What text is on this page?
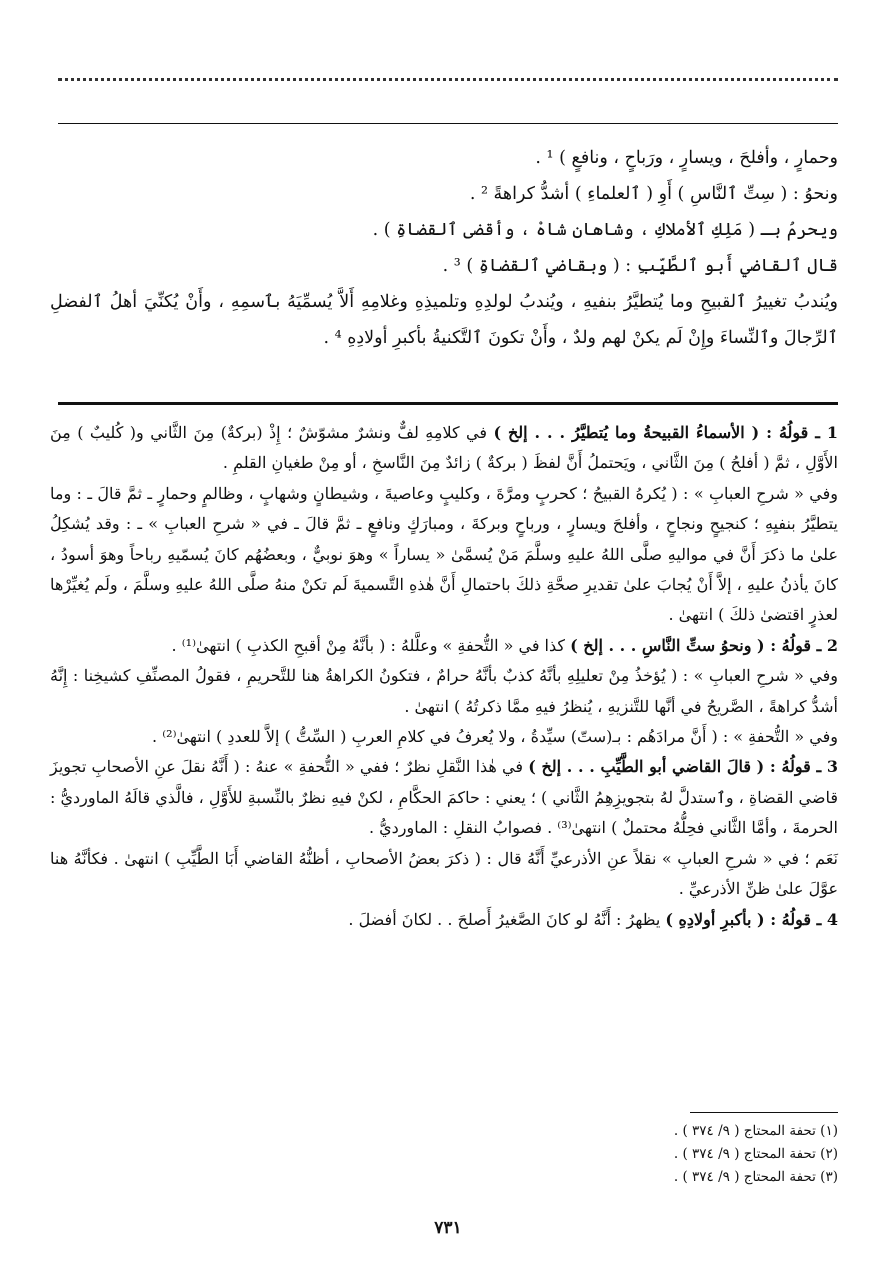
وحمارٍ ، وأفلحَ ، ويسارٍ ، ورَباحٍ ، ونافعٍ ) ¹ .

ونحوُ : ( سِتِّ ٱلنَّاسِ ) أَوِ ( ٱلعلماءِ ) أشدُّ كراهةً ² .

ويحرمُ بـ ( مَلِكِ ٱلأملاكِ ، وشاهان شاهْ ، وأقضى ٱلقضاةِ ) .

قال ٱلقاضي أَبو ٱلطَّيِّبِ : ( وبقاضي ٱلقضاةِ ) ³ .

ويُندبُ تغييرُ ٱلقبيحِ وما يُتطيَّرُ بنفيهِ ، ويُندبُ لولدِهِ وتلميذِهِ وغلامِهِ أَلاَّ يُسمِّيَهُ بٱسمِهِ ، وأَنْ يُكنِّيَ أهلُ ٱلفضلِ ٱلرِّجالَ وٱلنِّساءَ وإِنْ لَم يكنْ لهم ولدٌ ، وأَنْ تكونَ ٱلتَّكنيةُ بأكبرِ أولادِهِ ⁴ .

1 ـ قولُهُ : ( الأسماءُ القبيحةُ وما يُتطيَّرُ . . . إلخ ) في كلامِهِ لفٌّ ونشرٌ مشوّشٌ ؛ إِذْ (بركةٌ) مِنَ الثَّاني و( كُليبٌ ) مِنَ الأَوَّلِ ، ثمَّ ( أفلحُ ) مِنَ الثَّاني ، ويَحتملُ أَنَّ لفظَ ( بركةٌ ) زائدٌ مِنَ النَّاسخِ ، أو مِنْ طغيانِ القلمِ .

وفي « شرحِ العبابِ » : ( يُكرهُ القبيحُ ؛ كحربٍ ومرَّةَ ، وكليبٍ وعاصيةَ ، وشيطانٍ وشهابٍ ، وظالمٍ وحمارٍ ـ ثمَّ قالَ ـ : وما يتطيَّرُ بنفيِهِ ؛ كنجيحٍ ونجاحٍ ، وأفلحَ ويسارٍ ، ورباحٍ وبركةَ ، ومبارَكٍ ونافعٍ ـ ثمَّ قالَ ـ في « شرحِ العبابِ » ـ : وقد يُشكِلُ علىٰ ما ذكرَ أَنَّ في مواليهِ صلَّى اللهُ عليهِ وسلَّمَ مَنْ يُسمَّىٰ « يساراً » وهوَ نوبيٌّ ، وبعضُهُم كانَ يُسمّيهِ رباحاً وهوَ أسودُ ، كانَ يأذنُ عليهِ ، إلاَّ أَنْ يُجابَ علىٰ تقديرِ صحَّةِ ذلكَ باحتمالِ أَنَّ هٰذهِ التَّسميةَ لَم تكنْ منهُ صلَّى اللهُ عليهِ وسلَّمَ ، ولَم يُغيِّرْها لعذرٍ اقتضىٰ ذلكَ ) انتهىٰ .

2 ـ قولُهُ : ( ونحوُ ستِّ النَّاسِ . . . إلخ ) كذا في « التُّحفةِ » وعلَّلهُ : ( بأنَّهُ مِنْ أقبحِ الكذبِ ) انتهىٰ⁽¹⁾ .

وفي « شرحِ العبابِ » : ( يُؤخذُ مِنْ تعليلِهِ بأنَّهُ كذبٌ بأنَّهُ حرامٌ ، فتكونُ الكراهةُ هنا للتَّحريمِ ، فقولُ المصنِّفِ كشيخِنا : إِنَّهُ أشدُّ كراهةً ، الصَّريحُ في أنَّها للتَّنزيهِ ، يُنظرُ فيهِ ممَّا ذكرتُهُ ) انتهىٰ .

وفي « التُّحفةِ » : ( أَنَّ مرادَهُم : بـ(ستّ) سيِّدةُ ، ولا يُعرفُ في كلامِ العربِ ( السِّتُّ ) إلاَّ للعددِ ) انتهىٰ⁽²⁾ .

3 ـ قولُهُ : ( قالَ القاضي أبو الطَّيِّبِ . . . إلخ ) في هٰذا النَّقلِ نظرٌ ؛ ففي « التُّحفةِ » عنهُ : ( أَنَّهُ نقلَ عنِ الأصحابِ تجويزَ قاضي القضاةِ ، وٱستدلَّ لهُ بتجويزِهِمُ الثَّاني ) ؛ يعني : حاكمَ الحكَّامِ ، لكنْ فيهِ نظرٌ بالنِّسبةِ للأَوَّلِ ، فالَّذي قالَهُ الماورديُّ : الحرمةَ ، وأمَّا الثَّاني فحِلُّهُ محتملٌ ) انتهىٰ⁽³⁾ . فصوابُ النقلِ : الماورديُّ .

نَعَم ؛ في « شرحِ العبابِ » نقلاً عنِ الأذرعيِّ أَنَّهُ قال : ( ذكرَ بعضُ الأصحابِ ، أظنُّهُ القاضي أَبَا الطَّيِّبِ ) انتهىٰ . فكأنَّهُ هنا عوَّلَ علىٰ ظنِّ الأذرعيِّ .

4 ـ قولُهُ : ( بأكبرِ أولادِهِ ) يظهرُ : أَنَّهُ لو كانَ الصَّغيرُ أَصلحَ . . لكانَ أفضلَ .

(١) تحفة المحتاج ( ٩/ ٣٧٤ ) .

(٢) تحفة المحتاج ( ٩/ ٣٧٤ ) .

(٣) تحفة المحتاج ( ٩/ ٣٧٤ ) .

٧٣١
